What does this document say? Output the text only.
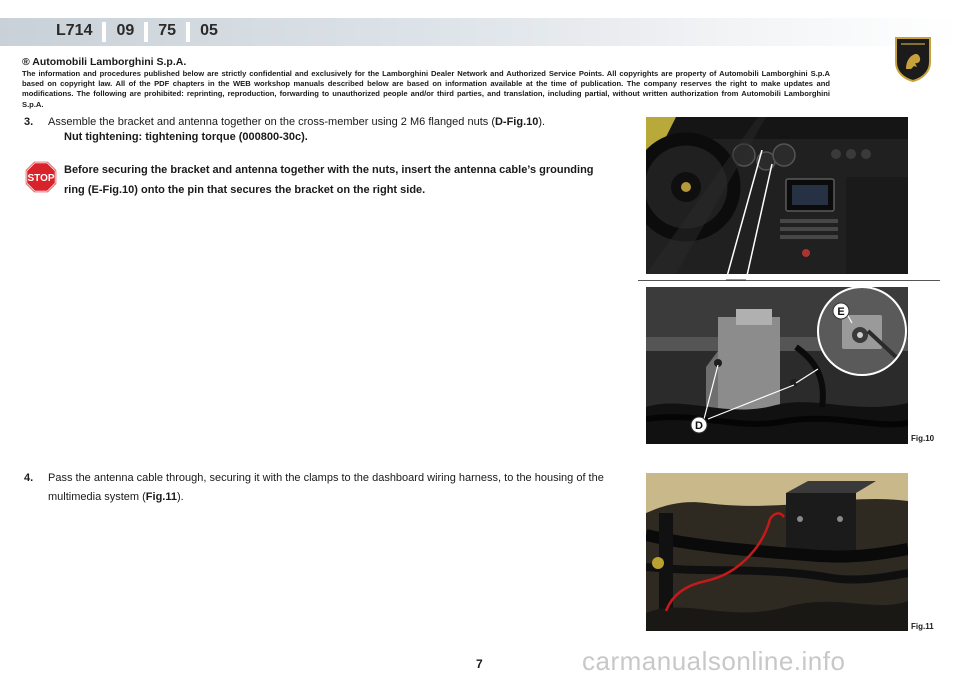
L714	09	75	05

® Automobili Lamborghini S.p.A.

The information and procedures published below are strictly confidential and exclusively for the Lamborghini Dealer Network and Authorized Service Points. All copyrights are property of Automobili Lamborghini S.p.A based on copyright law. All of the PDF chapters in the WEB workshop manuals described below are based on information available at the time of publication. The company reserves the right to make updates and modifications. The following are prohibited: reprinting, reproduction, forwarding to unauthorized people and/or third parties, and translation, including partial, without written authorization from Automobili Lamborghini S.p.A.

3.	Assemble the bracket and antenna together on the cross-member using 2 M6 flanged nuts (D-Fig.10).
Nut tightening: tightening torque (000800-30c).
STOP
Before securing the bracket and antenna together with the nuts, insert the antenna cable’s grounding ring (E-Fig.10) onto the pin that secures the bracket on the right side.
4.	Pass the antenna cable through, securing it with the clamps to the dashboard wiring harness, to the housing of the multimedia system (Fig.11).
E
D
Fig.10
Fig.11
7	carmanualsonline.info
